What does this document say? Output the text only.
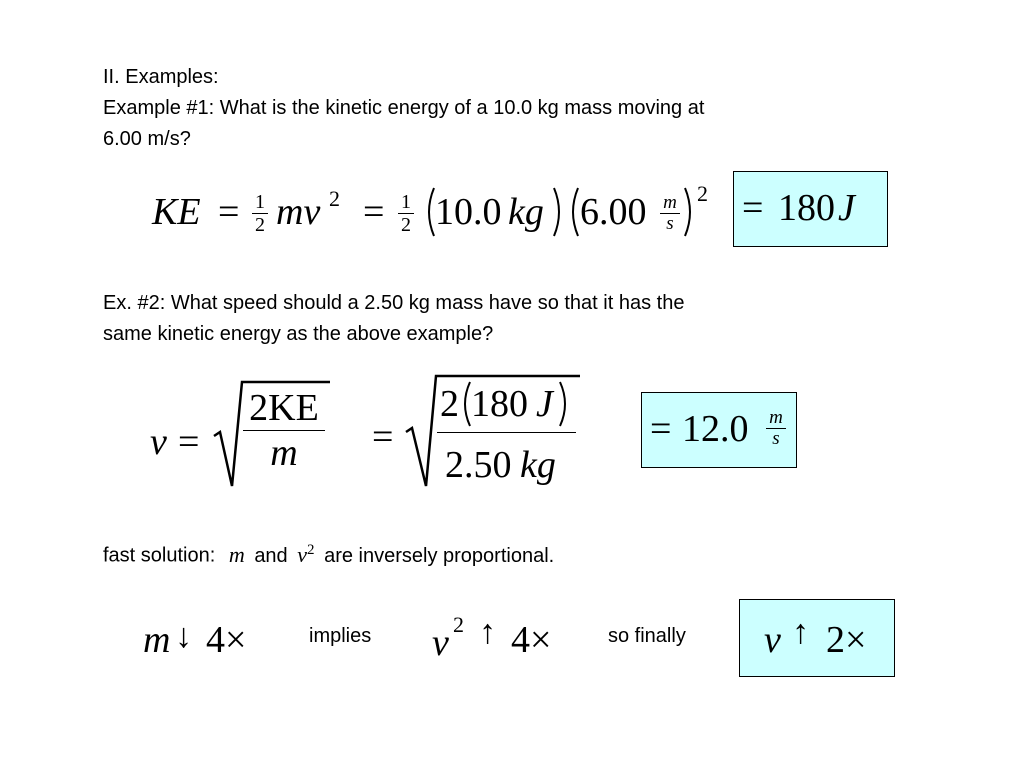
II. Examples:
Example #1: What is the kinetic energy of a 10.0 kg mass moving at
6.00 m/s?
KE = 1
2 mv 2 = 1
2 10.0 kg 6.00 m
s
2 = 180 J
Ex. #2: What speed should a 2.50 kg mass have so that it has the
same kinetic energy as the above example?
v =
2KE
m	=
2 180 J
2.50 kg
= 12.0 m
s
fast solution: m and $v^2$ are inversely proportional.
m ↓ 4×	implies v 2 ↑ 4×	so finally v ↑ 2×
